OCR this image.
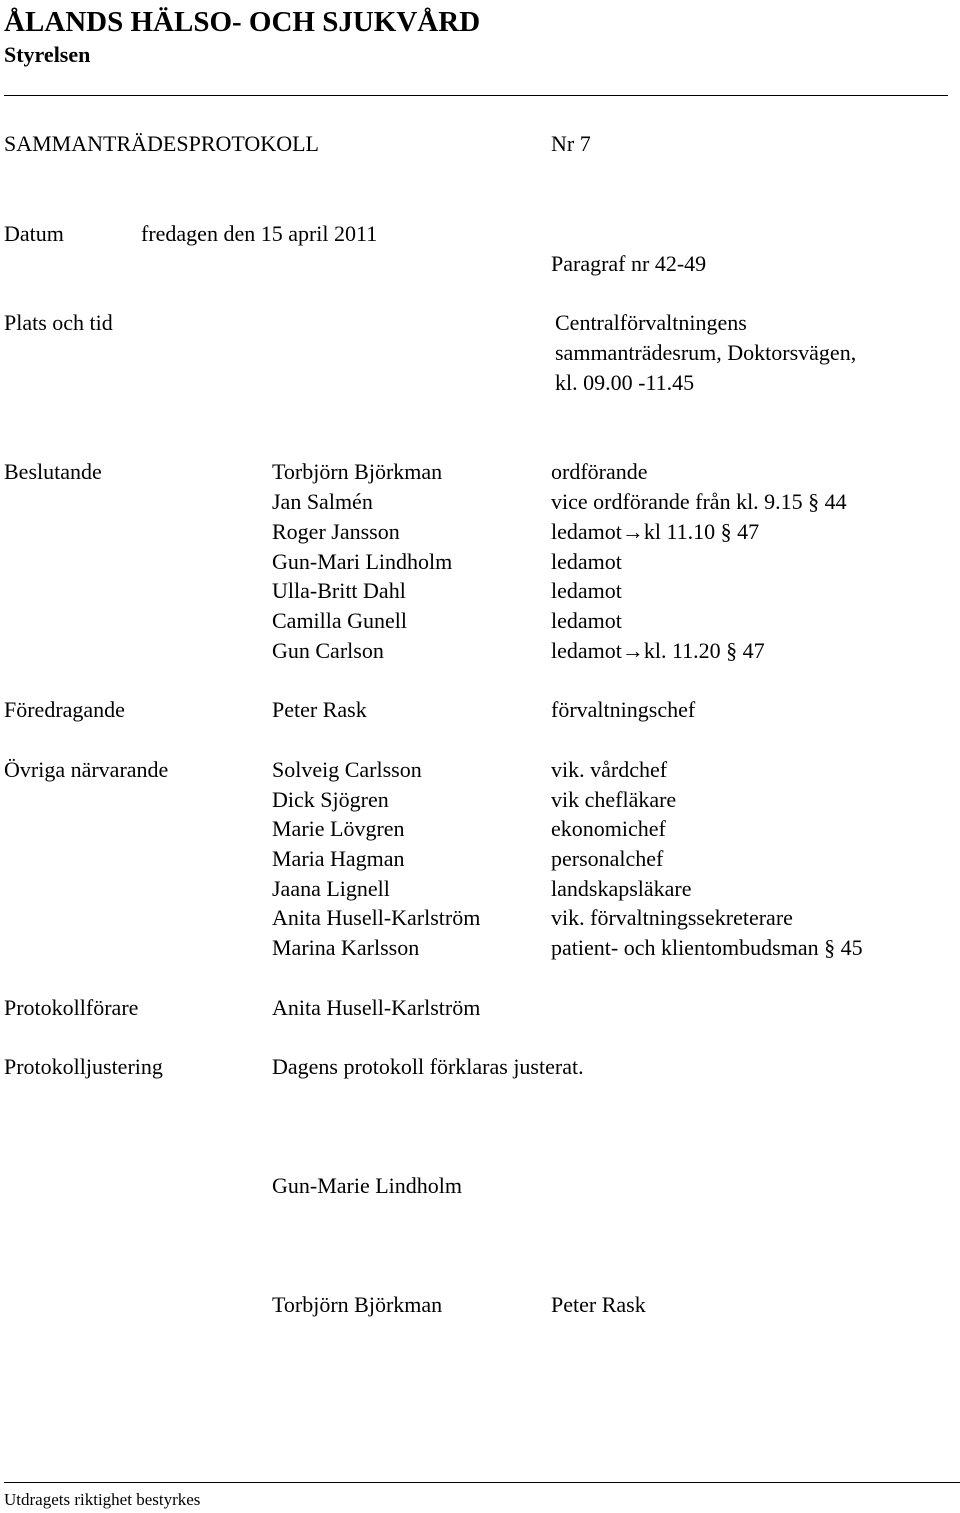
ÅLANDS HÄLSO- OCH SJUKVÅRD
Styrelsen
SAMMANTRÄDESPROTOKOLL	Nr 7
Datum	fredagen den 15 april 2011
Paragraf nr 42-49
Plats och tid	Centralförvaltningens
sammanträdesrum, Doktorsvägen,
kl. 09.00 -11.45
Beslutande	Torbjörn Björkman	ordförande
Jan Salmén	vice ordförande från kl. 9.15 § 44
Roger Jansson	ledamot→kl 11.10 § 47
Gun-Mari Lindholm	ledamot
Ulla-Britt Dahl	ledamot
Camilla Gunell	ledamot
Gun Carlson	ledamot→kl. 11.20 § 47
Föredragande	Peter Rask	förvaltningschef
Övriga närvarande	Solveig Carlsson	vik. vårdchef
Dick Sjögren	vik chefläkare
Marie Lövgren	ekonomichef
Maria Hagman	personalchef
Jaana Lignell	landskapsläkare
Anita Husell-Karlström	vik. förvaltningssekreterare
Marina Karlsson	patient- och klientombudsman § 45
Protokollförare	Anita Husell-Karlström
Protokolljustering	Dagens protokoll förklaras justerat.
Gun-Marie Lindholm
Torbjörn Björkman	Peter Rask
Utdragets riktighet bestyrkes
